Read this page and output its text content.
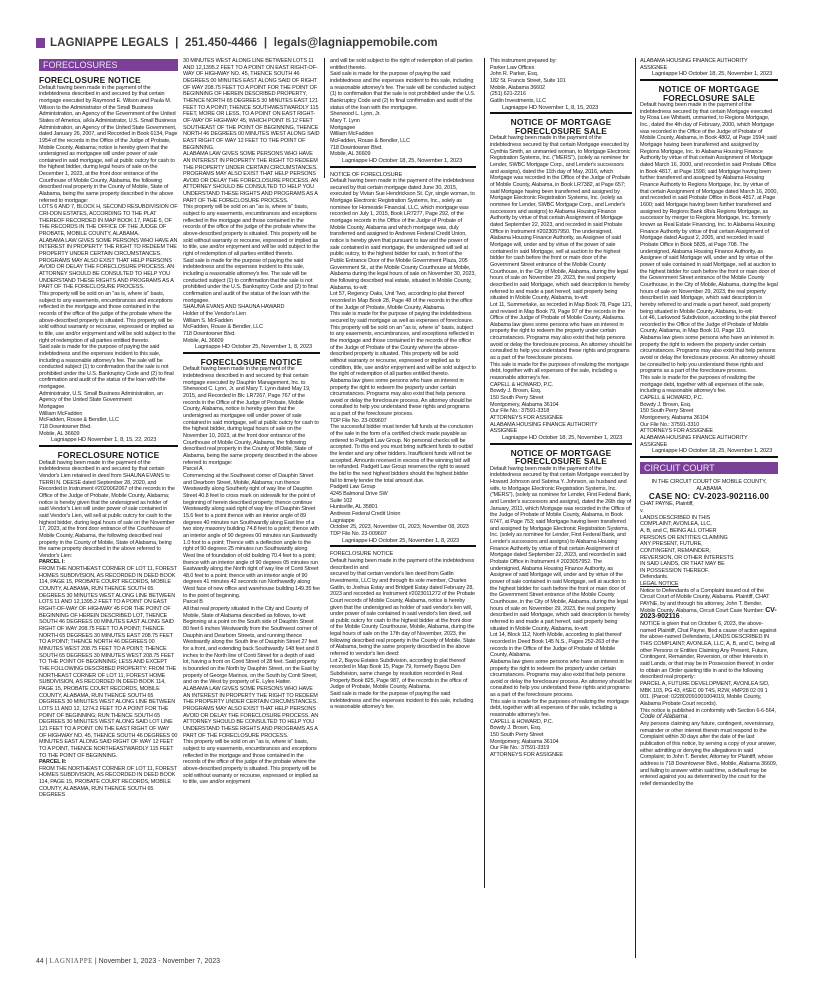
LAGNIAPPE LEGALS
|
251.450-4466
|
legals@lagniappemobile.com
FORECLOSURES
FORECLOSURE NOTICE
Default having been made in the payment of the indebtedness described in and secured by that certain mortgage executed by Raymond E. Wilson and Paula M. Wilson to the Administrator of the Small Business Administration, an Agency of the Government of the United States of America, a/k/a Administrator, U.S. Small Business Administration, an Agency of the United State Government, dated January 26, 2007, and Recorded in Book 6134, Page 1954 of the records in the Office of the Judge of Probate, Mobile County, Alabama; notice is hereby given that the undersigned as mortgagee will under power of sale contained in said mortgage, sell at public outcry for cash to the highest bidder, during legal hours of sale on the December 1, 2023, at the front door entrance of the Courthouse of Mobile County, Alabama, the following described real property in the County of Mobile, State of Alabama, being the same property described in the above referred to mortgage:
LOTS 6 AND 7, BLOCK H, SECOND RESUBDIVISION OF CRI-DON ESTATES, ACCORDING TO THE PLAT THEREOF RECORDED IN MAP BOOK 17, PAGE 5, OF THE RECORDS IN THE OFFICE OF THE JUDGE OF PROBATE, MOBILE COUNTY, ALABAMA.
ALABAMA LAW GIVES SOME PERSONS WHO HAVE AN INTEREST IN PROPERTY THE RIGHT TO REDEEM THE PROPERTY UNDER CERTAIN CIRCUMSTANCES. PROGRAMS MAY ALSO EXIST THAT HELP PERSONS AVOID OR DELAY THE FORECLOSURE PROCESS. AN ATTORNEY SHOULD BE CONSULTED TO HELP YOU UNDERSTAND THESE RIGHTS AND PROGRAMS AS A PART OF THE FORECLOSURE PROCESS.
This property will be sold on an "as is, where is" basis, subject to any easements, encumbrances and exceptions reflected in the mortgage and those contained in the records of the office of the judge of the probate where the above-described property is situated. This property will be sold without warranty or recourse, expressed or implied as to title, use and/or enjoyment and will be sold subject to the right of redemption of all parties entitled thereto.
Said sale is made for the purpose of paying the said indebtedness and the expenses incident to this sale, including a reasonable attorney's fee. The sale will be conducted subject (1) to confirmation that the sale is not prohibited under the U.S. Bankruptcy Code and (2) to final confirmation and audit of the status of the loan with the mortgagee.
Administrator, U.S. Small Business Administration, an Agency of the United State Government
Mortgagee
William McFadden
McFadden, Rouse & Bendler, LLC
718 Downtowner Blvd.
Mobile, AL 36609
Lagniappe HD November 1, 8, 15, 22, 2023
FORECLOSURE NOTICE
Default having been made in the payment of the indebtedness described in and secured by that certain Vendor's Lien retained in deed from SHAUNA EVANS to TERRI N. DEESE dated September 28, 2020, and Recorded in Instrument #2020062067 of the records in the Office of the Judge of Probate, Mobile County, Alabama; notice is hereby given that the undersigned as holder of said Vendor's Lien will under power of sale contained in said Vendor's Lien, will sell at public outcry for cash to the highest bidder, during legal hours of sale on the November 17, 2023, at the front door entrance of the Courthouse of Mobile County, Alabama, the following described real property in the County of Mobile, State of Alabama, being the same property described in the above referred to Vendor's Lien:
PARCEL I:
FROM THE NORTHEAST CORNER OF LOT 11, FOREST HOMES SUBDIVISION, AS RECORDED IN DEED BOOK 114, PAGE 15, PROBATE COURT RECORDS, MOBILE COUNTY, ALABAMA, RUN THENCE SOUTH 65 DEGREES 30 MINUTES WEST ALONG LINE BETWEEN LOTS 11 AND 12,1395.2 FEET TO A POINT ON EAST RIGHT-OF-WAY OF HIGHWAY 45 FOR THE POINT OF BEGINNING OF HEREIN DESCRIBED LOT, THENCE SOUTH 46 DEGREES 00 MINUTES EAST ALONG SAID RIGHT OF WAY 208.75 FEET TO A POINT; THENCE NORTH 65 DEGREES 30 MINUTES EAST 208.75 FEET TO A POINT; THENCE NORTH 46 DEGREES 00 MINUTES WEST 208.75 FEET TO A POINT; THENCE SOUTH 65 DEGREES 30 MINUTES WEST 208.75 FEET TO THE POINT OF BEGINNING; LESS AND EXCEPT THE FOLLOWING DESCRIBED PROPERTY: FROM THE NORTHEAST CORNER OF LOT 11, FOREST HOME SUBDIVISION, AS RECORDED IN DEED BOOK 114, PAGE 15, PROBATE COURT RECORDS, MOBILE COUNTY, ALABAMA, RUN THENCE SOUTH 65 DEGREES 30 MINUTES WEST ALONG LINE BETWEEN LOTS 11 AND 12, 1274.2 FEET TO A POINT FOR THE POINT OF BEGINNING; RUN THENCE SOUTH 65 DEGREES 30 MINUTES WEST ALONG SAID LOT LINE 121 FEET TO A POINT ON THE EAST RIGHT OF WAY OF HIGHWAY NO. 45, THENCE SOUTH 46 DEGREES 00 MINUTES EAST ALONG SAID RIGHT OF WAY 12 FEET TO A POINT, THENCE NORTHEASTWARDLY 115 FEET TO THE POINT OF BEGINNING.
PARCEL II:
FROM THE NORTHEAST CORNER OF LOT 11, FOREST HOMES SUBDIVISION, AS RECORDED IN DEED BOOK 114, PAGE 15, PROBATE COURT RECORDS, MOBILE COUNTY, ALABAMA, RUN THENCE SOUTH 65 DEGREES
30 MINUTES WEST ALONG LINE BETWEEN LOTS 11 AND 12,1395.2 FEET TO A POINT ON EAST RIGHT-OF-WAY OF HIGHWAY NO. 45, THENCE SOUTH 46 DEGREES 00 MINUTES EAST ALONG SAID OF RIGHT OF WAY 208.75 FEET TO A POINT FOR THE POINT OF BEGINNING OF HEREIN DESCRIBED PROPERTY, THENCE NORTH 65 DEGREES 30 MINUTES EAST 121 FEET TO A POINT; THENCE SOUTHWESTWARDLY 115 FEET, MORE OR LESS, TO A POINT ON EAST RIGHT-OF-WAY OF HIGHWAY 45, WHICH POINT IS 12 FEET SOUTHEAST OF THE POINT OF BEGINNING, THENCE NORTH 46 DEGREES 00 MINUTES WEST ALONG SAID EAST RIGHT OF WAY 12 FEET TO THE POINT OF BEGINNING.
ALABAMA LAW GIVES SOME PERSONS WHO HAVE AN INTEREST IN PROPERTY THE RIGHT TO REDEEM THE PROPERTY UNDER CERTAIN CIRCUMSTANCES. PROGRAMS MAY ALSO EXIST THAT HELP PERSONS AVOID OR DELAY THE FORECLOSURE PROCESS. AN ATTORNEY SHOULD BE CONSULTED TO HELP YOU UNDERSTAND THESE RIGHTS AND PROGRAMS AS A PART OF THE FORECLOSURE PROCESS.
This property will be sold on an "as is, where is" basis, subject to any easements, encumbrances and exceptions reflected in the mortgage and those contained in the records of the office of the judge of the probate where the above-described property is situated. This property will be sold without warranty or recourse, expressed or implied as to title, use and/or enjoyment and will be sold subject to the right of redemption of all parties entitled thereto.
Said sale is made for the purpose of paying the said indebtedness and the expenses incident to this sale, including a reasonable attorney's fee. The sale will be conducted subject (1) to confirmation that the sale is not prohibited under the U.S. Bankruptcy Code and (2) to final confirmation and audit of the status of the loan with the mortgagee.
SHAUNA EVANS AND SHAUNA HAWARD
Holder of the Vendor's Lien
William S. McFadden
McFadden, Rouse & Bendler, LLC
718 Downtowner Blvd.
Mobile, AL 36609
Lagniappe HD October 25, November 1, 8, 2023
FORECLOSURE NOTICE
Default having been made in the payment of the indebtedness described in and secured by that certain mortgage executed by Dauphin Management, Inc. to Sherwood C. Lynn, Jr. and Mary T. Lynn dated May 19, 2015, and Recorded in Bk: LR7267, Page 767 of the records in the Office of the Judge of Probate, Mobile County, Alabama, notice is hereby given that the undersigned as mortgagee will under power of sale contained in said mortgage, sell at public outcry for cash to the highest bidder, during legal hours of sale on the November 10, 2023, at the front door entrance of the Courthouse of Mobile County, Alabama, the following described real property in the County of Mobile, State of Alabama, being the same property described in the above referred to mortgage:
Parcel A
Commencing at the Southwest corner of Dauphin Street and Dearborn Street, Mobile, Alabama; run thence Westwardly along Southerly right of way line of Dauphin Street 40.8 feet to cross mark on sidewalk for the point of beginning of herein described property; thence continue Westwardly along said right of way line of Dauphin Street 15.6 feet to a point thence with an interior angle of 89 degrees 40 minutes run Southwardly along East line of a two story masonry building 74.8 feet to a point; thence with an interior angle of 90 degrees 00 minutes run Eastwardly 1.0 foot to a point; Thence with a deflection angle to the right of 90 degrees 25 minutes run Southwardly along West line of foundation of old building 70.4 feet to a point; thence with an interior angle of 90 degrees 05 minutes run Eastwardly along the North right of way line of Conti Street 48.0 feet to a point; thence with an interior angle of 90 degrees 41 minutes 42 seconds run Northwardly along West face of new office and warehouse building 149.35 fee to the point of beginning.
Parcel B
All that real property situated in the City and County of Mobile, State of Alabama described as follows, to-wit: Beginning at a point on the South side of Dauphin Street 80 feet 6 inches Westwardly from the Southwest corner of Dauphin and Dearborn Streets, and running thence Westwardly along the South line of Dauphin Street 27 feet for a front, and extending back Southwardly 148 feet and 8 inches to the North line of Conti Street for a depth of said lot, having a front on Conti Street of 28 feet. Said property is bounded on the North by Dauphin Street, on the East by property of George Marinos, on the South by Conti Street, and on the West by property of E. Lyles Hatter.
ALABAMA LAW GIVES SOME PERSONS WHO HAVE AN INTEREST IN PROPERTY THE RIGHT TO REDEEM THE PROPERTY UNDER CERTAIN CIRCUMSTANCES. PROGRAMS MAY ALSO EXIST THAT HELP PERSONS AVOID OR DELAY THE FORECLOSURE PROCESS. AN ATTORNEY SHOULD BE CONSULTED TO HELP YOU UNDERSTAND THESE RIGHTS AND PROGRAMS AS A PART OF THE FORECLOSURE PROCESS.
This property will be sold on an "as is, where is" basis, subject to any easements, encumbrances and exceptions reflected in the mortgage and those contained in the records of the office of the judge of the probate where the above-described property is situated. This property will be sold without warranty or recourse, expressed or implied as to title, use and/or enjoyment
and will be sold subject to the right of redemption of all parties entitled thereto.
Said sale is made for the purpose of paying the said indebtedness and the expenses incident to this sale, including a reasonable attorney's fee. The sale will be conducted subject (1) to confirmation that the sale is not prohibited under the U.S. Bankruptcy Code and (2) to final confirmation and audit of the status of the loan with the mortgagee.
Sherwood L. Lynn, Jr.
Mary T. Lynn
Mortgagee
William McFadden
McFadden, Rouse & Bendler, LLC
718 Downtowner Blvd.
Mobile, AL 36609
Lagniappe HD October 18, 25, November 1, 2023
NOTICE OF FORECLOSURE
Default having been made in the payment of the indebtedness secured by that certain mortgage dated June 30, 2015, executed by Vivian Sue Hendrickson St. Cyr, single woman, to Mortgage Electronic Registration Systems, Inc., solely as nominee for Homeside Financial, LLC, which mortgage was recorded on July 1, 2015, Book LR7277, Page 292, of the mortgage records in the Office of the Judge of Probate of Mobile County, Alabama and which mortgage was, duly transferred and assigned to Andrews Federal Credit Union, notice is hereby given that pursuant to law and the power of sale contained in said mortgage, the undersigned will sell at public outcry, to the highest bidder for cash, in front of the Public Entrance Door of the Mobile Government Plaza, 205 Government St., at the Mobile County Courthouse at Mobile, Alabama during the legal hours of sale on November 30, 2023, the following described real estate, situated in Mobile County, Alabama, to-wit:
Lot 57, Regency Oaks, Unit Two, according to plat thereof recorded in Map Book 28, Page 48 of the records in the office of the Judge of Probate, Mobile County, Alabama.
This sale is made for the purpose of paying the indebtedness secured by said mortgage as well as expenses of foreclosure. This property will be sold on an "as is, where is" basis, subject to any easements, encumbrances, and exceptions reflected in the mortgage and those contained in the records of the office of the Judge of Probate of the County where the above-described property is situated. This property will be sold without warranty or recourse, expressed or implied as to condition, title, use and/or enjoyment and will be sold subject to the right of redemption of all parties entitled thereto.
Alabama law gives some persons who have an interest in property the right to redeem the property under certain circumstances. Programs may also exist that help persons avoid or delay the foreclosure process. An attorney should be consulted to help you understand these rights and programs as a part of the foreclosure process.
TDP File No. 23-009607
The successful bidder must tender full funds at the conclusion of the sale in the form of a certified check made payable as ordered to Padgett Law Group. No personal checks will be accepted. To this end you must bring sufficient funds to outbid the lender and any other bidders. Insufficient funds will not be accepted. Amounts received in excess of the winning bid will be refunded. Padgett Law Group reserves the right to award the bid to the next highest bidders should the highest bidder fail to timely tender the total amount due.
Padgett Law Group
4245 Balmoral Drive SW
Suite 102
Huntsville, AL 35801
Andrews Federal Credit Union
Lagniappe
October 25, 2023, November 01, 2023, November 08, 2023
TDP File No. 23-009607
Lagniappe HD October 25, November 1, 8, 2023
FORECLOSURE NOTICE
Default having been made in the payment of the indebtedness described in and
secured by that certain vendor's lien deed from Gatlin Investments, LLC by and through its sole member, Charles Gatlin, to Joshua Estay and Bridgett Estay dated February 28, 2023 and recorded as Instrument #2023011272 of the Probate Court records of Mobile County, Alabama, notice is hereby given that the undersigned as holder of said vendor's lien will, under power of sale contained in said vendor's lien deed, sell at public outcry for cash to the highest bidder at the front door of the Mobile County Courthouse, Mobile, Alabama, during the legal hours of sale on the 17th day of November, 2023, the following described real property in the County of Mobile, State of Alabama, being the same property described in the above referred to vendor's lien deed:
Lot 2, Bayou Estates Subdivision, according to plat thereof recorded in Map Book 15, Page 79, formerly Bayou Den Subdivision, same change by resolution recorded in Real Property Book 825, Page 987, of the records in the office of Judge of Probate, Mobile County, Alabama.
Said sale is made for the purpose of paying the said indebtedness and the expenses incident to this sale, including a reasonable attorney's fee.
This instrument prepared by:
Parker Law Offices
John R. Parker, Esq.
182 St. Francis Street, Suite 101
Mobile, Alabama 36602
(251) 621-2216
Gatlin Investments, LLC
Lagniappe HD November 1, 8, 15, 2023
NOTICE OF MORTGAGE FORECLOSURE SALE
Default having been made in the payment of the indebtedness secured by that certain Mortgage executed by Cynthia Smith, an unmarried woman, to Mortgage Electronic Registration Systems, Inc. ("MERS"), (solely as nominee for Lender, SWBC Mortgage Corp., and Lender's successors and assigns), dated the 11th day of May, 2016, which Mortgage was recorded in the Office of the Judge of Probate of Mobile County, Alabama, in Book LR7382, at Page 657; said Mortgage having been transferred and assigned by Mortgage Electronic Registration Systems, Inc. (solely as nominee for Lender, SWBC Mortgage Corp., and Lender's successors and assigns) to Alabama Housing Finance Authority by virtue of that certain Assignment of Mortgage dated September 22, 2023, and recorded in said Probate Office in Instrument #2023057950. The undersigned, Alabama Housing Finance Authority, as Assignee of said Mortgage will, under and by virtue of the power of sale contained in said Mortgage, sell at auction to the highest bidder for cash before the front or main door of the Government Street entrance of the Mobile County Courthouse, in the City of Mobile, Alabama, during the legal hours of sale on November 29, 2023, the real property described in said Mortgage, which said description is hereby referred to and made a part hereof, said property being situated in Mobile County, Alabama, to-wit:
Lot 11, Summerlake, as recorded in Map Book 78, Page 121, and revised in Map Book 79, Page 97 of the records in the Office of the Judge of Probate of Mobile County, Alabama.
Alabama law gives some persons who have an interest in property the right to redeem the property under certain circumstances. Programs may also exist that help persons avoid or delay the foreclosure process. An attorney should be consulted to help you understand these rights and programs as a part of the foreclosure process.
This sale is made for the purposes of realizing the mortgage debt, together with all expenses of the sale, including a reasonable attorney's fee.
CAPELL & HOWARD, P.C.
Bowdy J. Brown, Esq.
150 South Perry Street
Montgomery, Alabama 36104
Our File No.: 37591-3318
ATTORNEYS FOR ASSIGNEE
ALABAMA HOUSING FINANCE AUTHORITY
ASSIGNEE
Lagniappe HD October 18, 25, November 1, 2023
NOTICE OF MORTGAGE FORECLOSURE SALE
Default having been made in the payment of the indebtedness secured by that certain Mortgage executed by Howard Johnson and Sabrina Y. Johnson, as husband and wife, to Mortgage Electronic Registration Systems, Inc. ("MERS"), (solely as nominee for Lender, First Federal Bank, and Lender's successors and assigns), dated the 26th day of January, 2011, which Mortgage was recorded in the Office of the Judge of Probate of Mobile County, Alabama, in Book 6747, at Page 753; said Mortgage having been transferred and assigned by Mortgage Electronic Registration Systems, Inc. (solely as nominee for Lender, First Federal Bank, and Lender's successors and assigns) to Alabama Housing Finance Authority by virtue of that certain Assignment of Mortgage dated September 22, 2023, and recorded in said Probate Office in Instrument # 2023057952. The undersigned, Alabama Housing Finance Authority, as Assignee of said Mortgage will, under and by virtue of the power of sale contained in said Mortgage, sell at auction to the highest bidder for cash before the front or main door of the Government Street entrance of the Mobile County Courthouse, in the City of Mobile, Alabama, during the legal hours of sale on November 29, 2023, the real property described in said Mortgage, which said description is hereby referred to and made a part hereof, said property being situated in Mobile County, Alabama, to-wit:
Lot 14, Block 112, North Mobile, according to plat thereof recorded in Deed Book 145 N.S., Pages 252-263 of the records in the Office of the Judge of Probate of Mobile County, Alabama.
Alabama law gives some persons who have an interest in property the right to redeem the property under certain circumstances. Programs may also exist that help persons avoid or delay the foreclosure process. An attorney should be consulted to help you understand these rights and programs as a part of the foreclosure process.
This sale is made for the purposes of realizing the mortgage debt, together with all expenses of the sale, including a reasonable attorney's fee.
CAPELL & HOWARD, P.C.
Bowdy J. Brown, Esq.
150 South Perry Street
Montgomery, Alabama 36104
Our File No.: 37591-3319
ATTORNEYS FOR ASSIGNEE
ALABAMA HOUSING FINANCE AUTHORITY
ASSIGNEE
Lagniappe HD October 18, 25, November 1, 2023
NOTICE OF MORTGAGE FORECLOSURE SALE
Default having been made in the payment of the indebtedness secured by that certain Mortgage executed by Rosa Lee Whitsett, unmarried, to Regions Mortgage, Inc., dated the 4th day of February, 2000, which Mortgage was recorded in the Office of the Judge of Probate of Mobile County, Alabama, in Book 4802, at Page 1594; said Mortgage having been transferred and assigned by Regions Mortgage, Inc. to Alabama Housing Finance Authority by virtue of that certain Assignment of Mortgage dated March 16, 2000, and recorded in said Probate Office in Book 4817, at Page 1596; said Mortgage having been further transferred and assigned by Alabama Housing Finance Authority to Regions Mortgage, Inc. by virtue of that certain Assignment of Mortgage dated March 16, 2000, and recorded in said Probate Office in Book 4817, at Page 1600; said Mortgage having been further transferred and assigned by Regions Bank d/b/a Regions Mortgage, as successor by merger to Regions Mortgage, Inc. formerly known as Real Estate Financing, Inc. to Alabama Housing Finance Authority by virtue of that certain Assignment of Mortgage dated August 2, 2005, and recorded in said Probate Office in Book 5835, at Page 708. The undersigned, Alabama Housing Finance Authority, as Assignee of said Mortgage will, under and by virtue of the power of sale contained in said Mortgage, sell at auction to the highest bidder for cash before the front or main door of the Government Street entrance of the Mobile County Courthouse, in the City of Mobile, Alabama, during the legal hours of sale on November 29, 2023, the real property described in said Mortgage, which said description is hereby referred to and made a part hereof, said property being situated in Mobile County, Alabama, to-wit:
Lot 46, Larkwood Subdivision, according to the plat thereof recorded in the Office of the Judge of Probate of Mobile County, Alabama, in Map Book 10, Page 119.
Alabama law gives some persons who have an interest in property the right to redeem the property under certain circumstances. Programs may also exist that help persons avoid or delay the foreclosure process. An attorney should be consulted to help you understand these rights and programs as a part of the foreclosure process.
This sale is made for the purposes of realizing the mortgage debt, together with all expenses of the sale, including a reasonable attorney's fee.
CAPELL & HOWARD, P.C.
Bowdy J. Brown, Esq.
150 South Perry Street
Montgomery, Alabama 36104
Our File No.: 37591-3310
ATTORNEYS FOR ASSIGNEE
ALABAMA HOUSING FINANCE AUTHORITY
ASSIGNEE
Lagniappe HD October 18, 25, November 1, 2023
CIRCUIT COURT
IN THE CIRCUIT COURT OF MOBILE COUNTY, ALABAMA
CASE NO: CV-2023-902116.00
CHAT PAYNE, Plaintiff,
v.
LANDS DESCRIBED IN THIS
COMPLAINT; AVONLEA, LLC,
A, B, and C, BEING ALL OTHER
PERSONS OR ENTITIES CLAIMING
ANY PRESENT, FUTURE,
CONTINGENT, REMAINDER,
REVERSION, OR OTHER INTERESTS
IN SAID LANDS, OR THAT MAY BE
IN POSSESSION THEREOF.
Defendants.
LEGAL NOTICE
Notice to Defendants of a Complaint issued out of the Circuit Court of Mobile County, Alabama. Plaintiff, CHAT PAYNE, by and through his attorney, John T. Bender. Mobile County, Alabama, Circuit Court Case Number: CV-2023-902116 .
NOTICE is given that on October 6, 2023, the above-named Plaintiff, Chat Payne, filed a cause of action against the above-named Defendants, LANDS DESCRIBED IN THIS COMPLAINT; AVONLEA, LLC, A, B, and C, being all other Persons or Entities Claiming Any Present, Future, Contingent, Remainder, Reversion, or other Interests in said Lands, or that may be in Possession thereof; in order to obtain an Order quieting title in and to the following described real property:
PARCEL A, FUTURE DEVELOPMENT, AVONLEA S/D, MBK 103, PG 43, #SEC 09 T4S, R2W, #MP28 02 09 1 001. (Parcel: 022802091001004019, Mobile County, Alabama Probate Court records).
This notice is published in conformity with Section 6-6-564, Code of Alabama .
Any persons claiming any future, contingent, reversionary, remainder or other interest therein must respond to the Complaint within 30 days after the date of the last publication of this notice, by serving a copy of your answer, either admitting or denying the allegations in said Complaint; to John T. Bender, Attorney for Plaintiff, whose address is 718 Downtowner Blvd., Mobile, Alabama 36609, and failing to answer within said time, a default may be entered against you as determined by the court for the relief demanded by the
44 | LAGNIAPPE | November 1, 2023 - November 7, 2023
